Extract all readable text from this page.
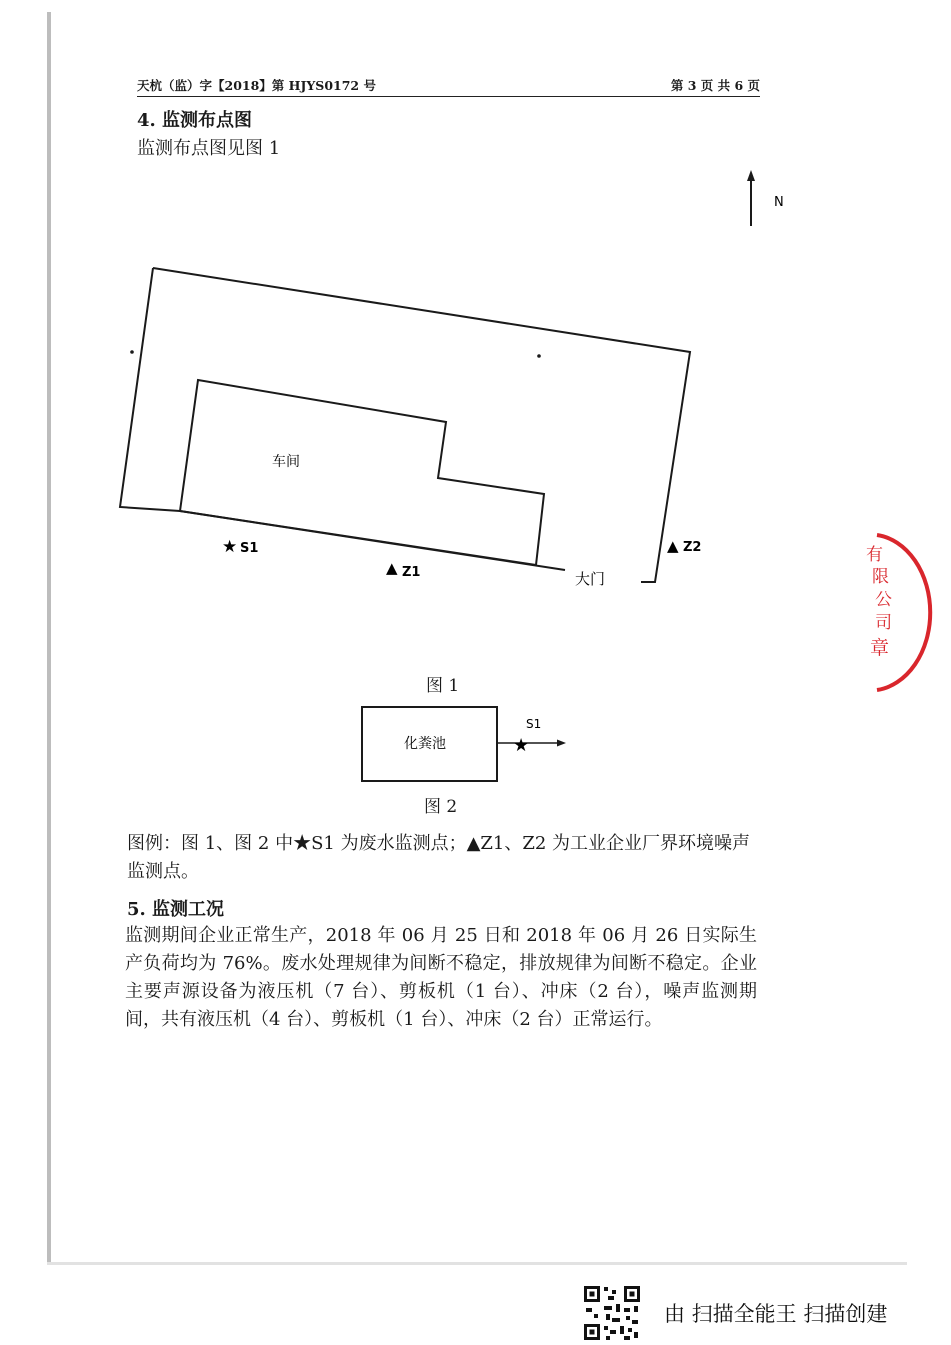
天杭（监）字【2018】第 HJYS0172 号	第 3 页 共 6 页
4. 监测布点图
监测布点图见图 1
N
车间
★ S1
▲ Z1
▲ Z2
大门
有
限
公
司
章
图 1
化粪池	★
S1
图 2
图例：图 1、图 2 中★S1 为废水监测点；▲Z1、Z2 为工业企业厂界环境噪声监测点。
5. 监测工况
监测期间企业正常生产，2018 年 06 月 25 日和 2018 年 06 月 26 日实际生产负荷均为 76%。废水处理规律为间断不稳定，排放规律为间断不稳定。企业主要声源设备为液压机（7 台）、剪板机（1 台）、冲床（2 台），噪声监测期间，共有液压机（4 台）、剪板机（1 台）、冲床（2 台）正常运行。
由 扫描全能王 扫描创建
